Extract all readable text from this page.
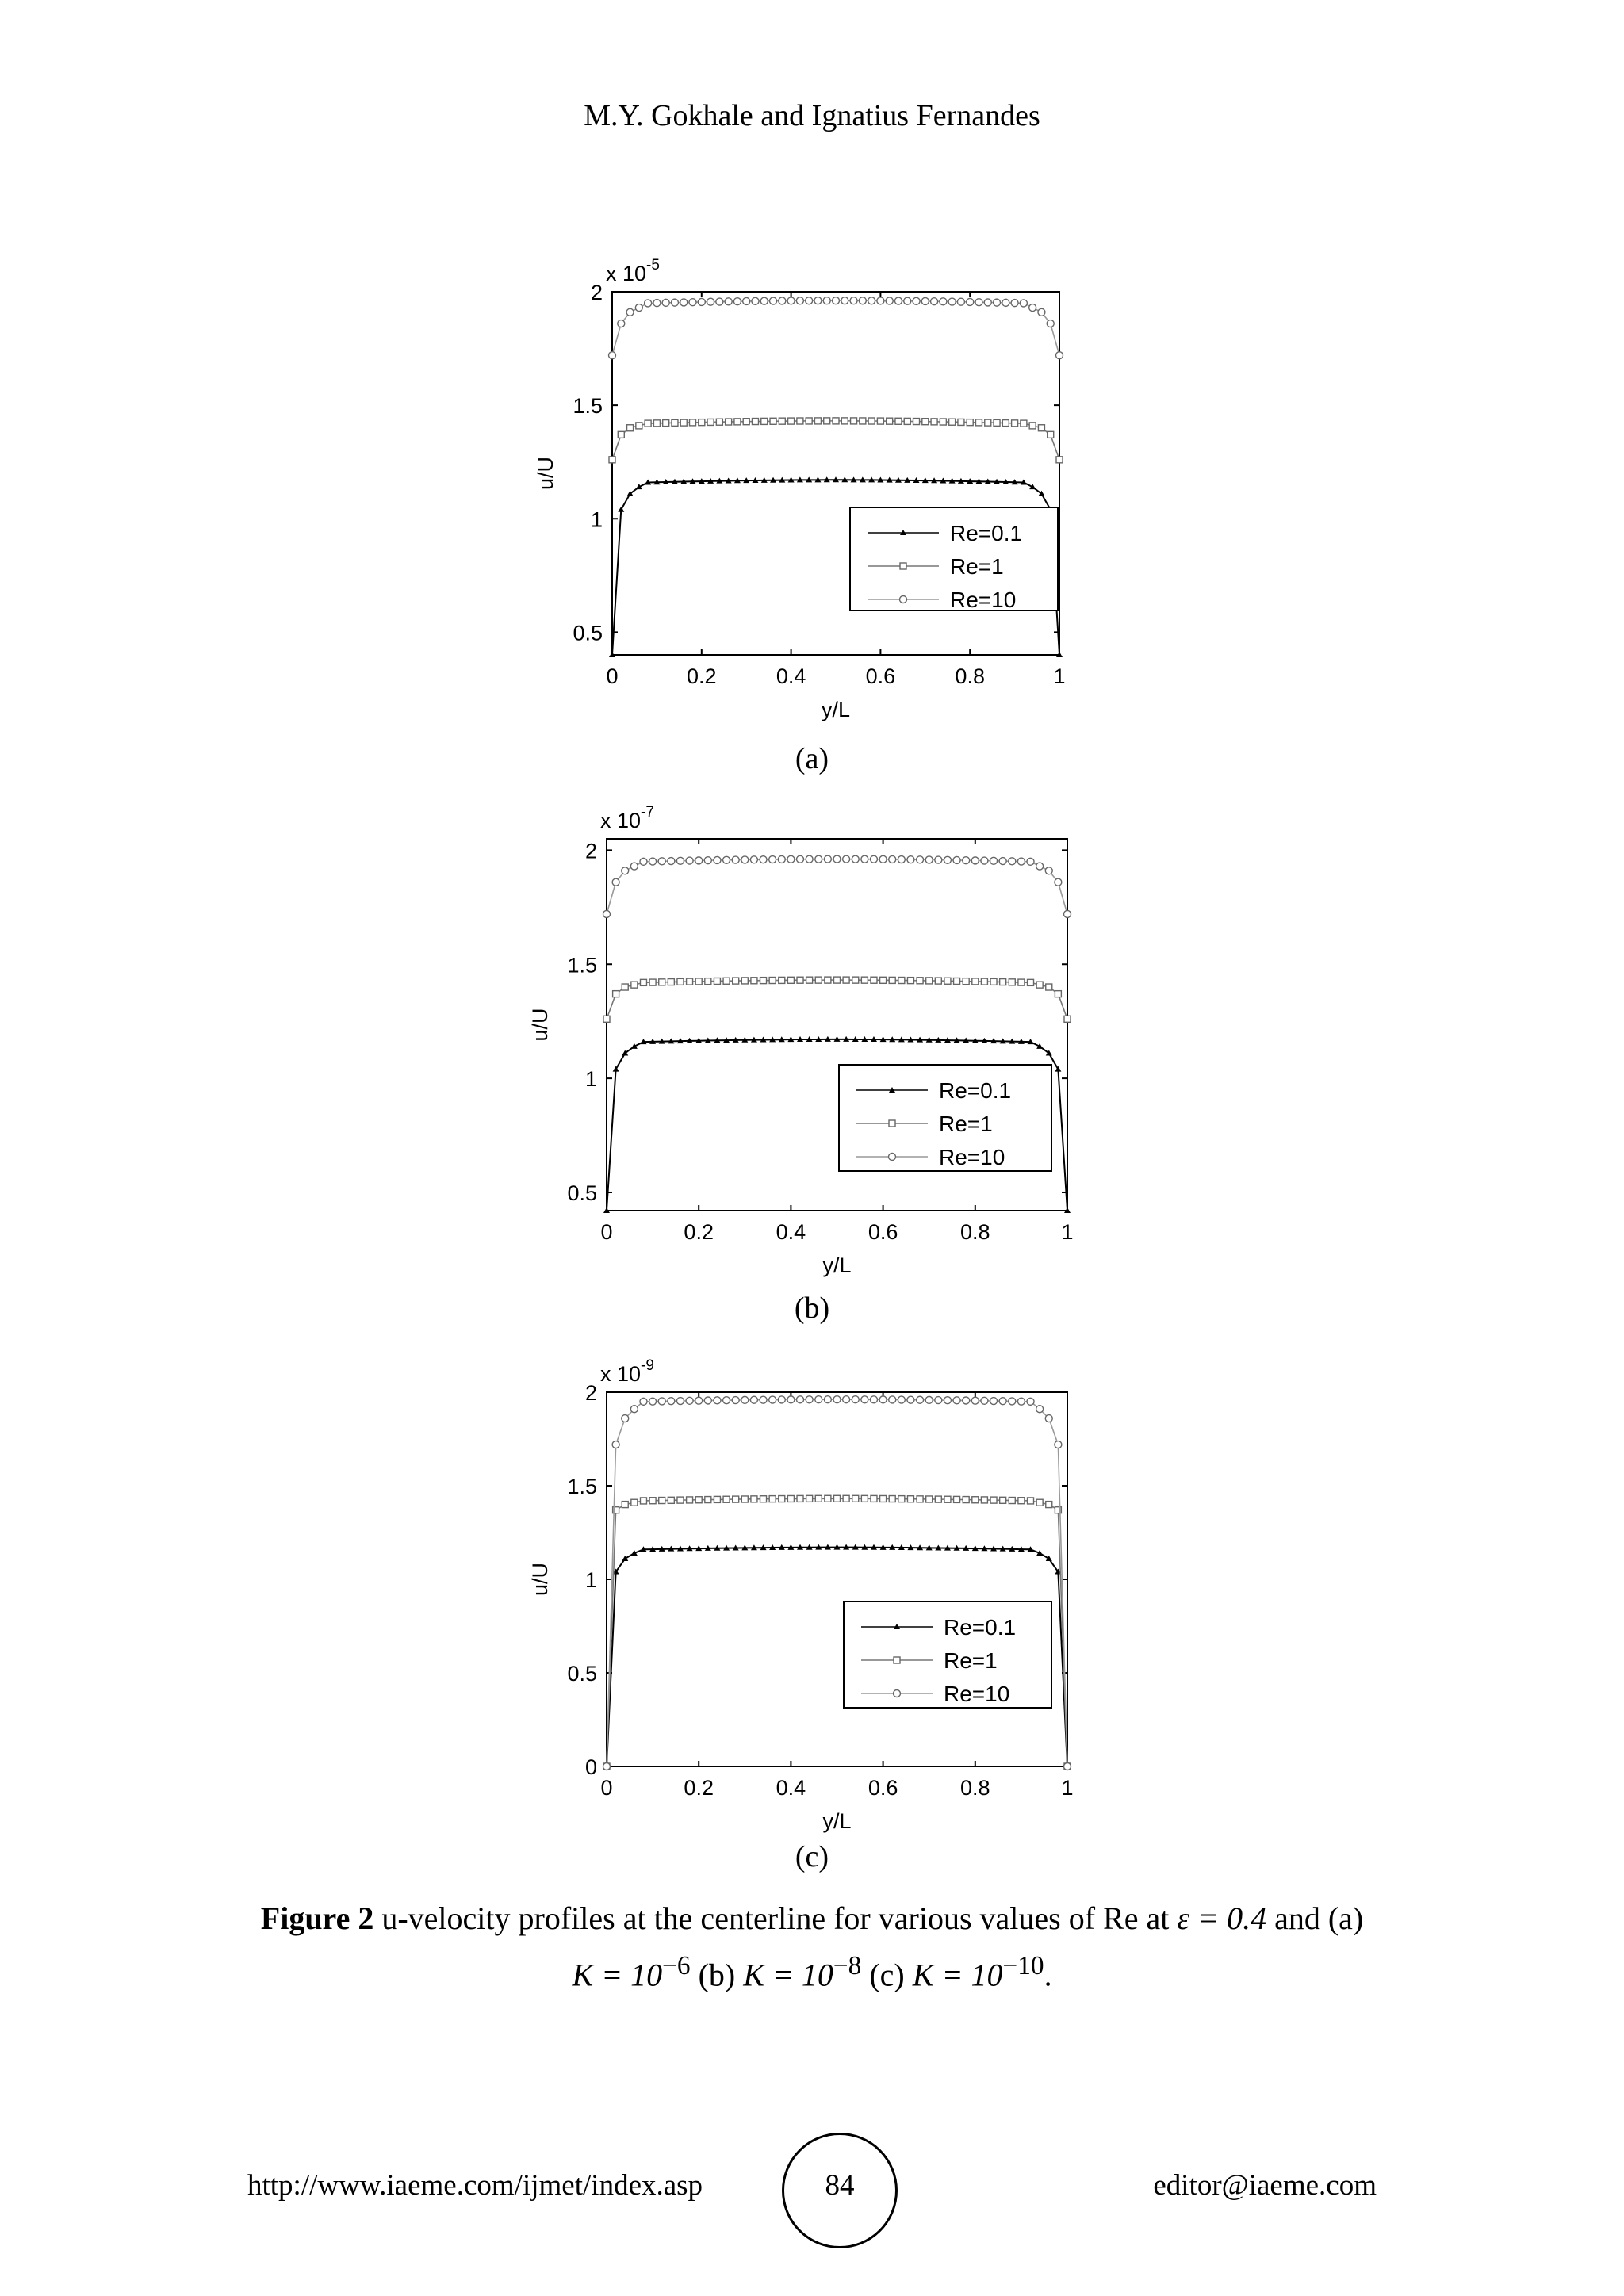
M.Y. Gokhale and Ignatius Fernandes
0	0.2	0.4	0.6	0.8	1
0.5
1
1.5
2
x $10^{-5}$
y/L
u/U
Re=0.1
Re=1
Re=10
(a)
0	0.2	0.4	0.6	0.8	1
0.5
1
1.5
2
x $10^{-7}$
y/L
u/U
Re=0.1
Re=1
Re=10
(b)
0	0.2	0.4	0.6	0.8	1
0
0.5
1
1.5
2
x $10^{-9}$
y/L
u/U
Re=0.1
Re=1
Re=10
(c)
Figure 2 u-velocity profiles at the centerline for various values of Re at ε = 0.4 and (a)
$K = 10^{-6}$ (b) $K = 10^{-8}$ (c) $K = 10^{-10}$.
http://www.iaeme.com/ijmet/index.asp	84	editor@iaeme.com
